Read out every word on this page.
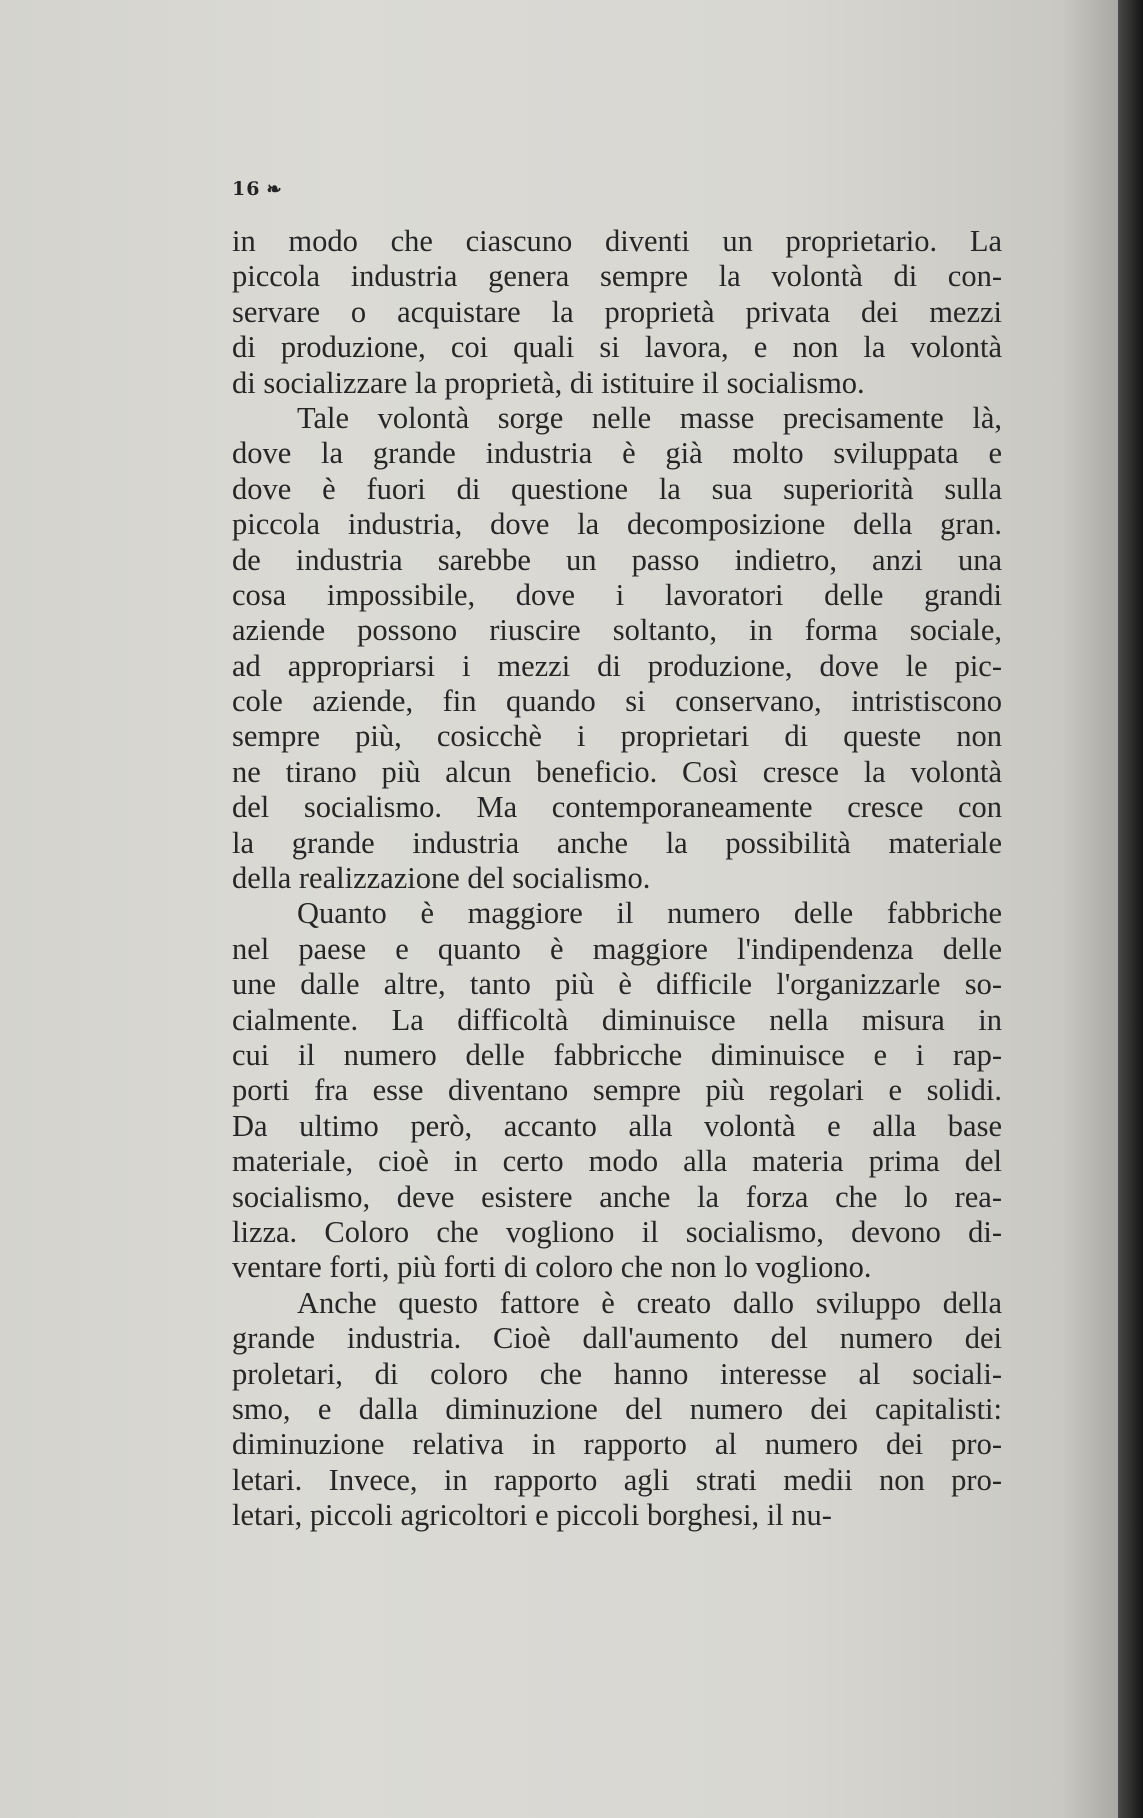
16 ❧
in modo che ciascuno diventi un proprietario. La
piccola industria genera sempre la volontà di con-
servare o acquistare la proprietà privata dei mezzi
di produzione, coi quali si lavora, e non la volontà
di socializzare la proprietà, di istituire il socialismo.
Tale volontà sorge nelle masse precisamente là,
dove la grande industria è già molto sviluppata e
dove è fuori di questione la sua superiorità sulla
piccola industria, dove la decomposizione della gran.
de industria sarebbe un passo indietro, anzi una
cosa impossibile, dove i lavoratori delle grandi
aziende possono riuscire soltanto, in forma sociale,
ad appropriarsi i mezzi di produzione, dove le pic-
cole aziende, fin quando si conservano, intristiscono
sempre più, cosicchè i proprietari di queste non
ne tirano più alcun beneficio. Così cresce la volontà
del socialismo. Ma contemporaneamente cresce con
la grande industria anche la possibilità materiale
della realizzazione del socialismo.
Quanto è maggiore il numero delle fabbriche
nel paese e quanto è maggiore l'indipendenza delle
une dalle altre, tanto più è difficile l'organizzarle so-
cialmente. La difficoltà diminuisce nella misura in
cui il numero delle fabbricche diminuisce e i rap-
porti fra esse diventano sempre più regolari e solidi.
Da ultimo però, accanto alla volontà e alla base
materiale, cioè in certo modo alla materia prima del
socialismo, deve esistere anche la forza che lo rea-
lizza. Coloro che vogliono il socialismo, devono di-
ventare forti, più forti di coloro che non lo vogliono.
Anche questo fattore è creato dallo sviluppo della
grande industria. Cioè dall'aumento del numero dei
proletari, di coloro che hanno interesse al sociali-
smo, e dalla diminuzione del numero dei capitalisti:
diminuzione relativa in rapporto al numero dei pro-
letari. Invece, in rapporto agli strati medii non pro-
letari, piccoli agricoltori e piccoli borghesi, il nu-
